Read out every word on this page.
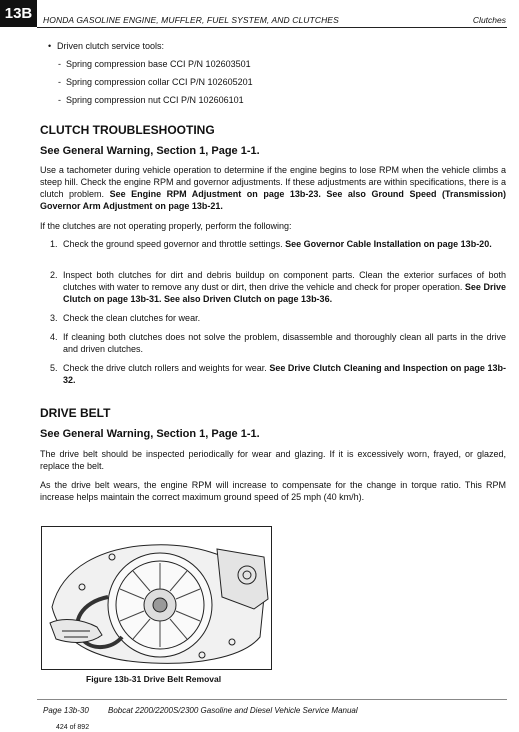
13B	HONDA GASOLINE ENGINE, MUFFLER, FUEL SYSTEM, AND CLUTCHES	Clutches
• Driven clutch service tools:
- Spring compression base CCI P/N 102603501
- Spring compression collar CCI P/N 102605201
- Spring compression nut CCI P/N 102606101
CLUTCH TROUBLESHOOTING
See General Warning, Section 1, Page 1-1.
Use a tachometer during vehicle operation to determine if the engine begins to lose RPM when the vehicle climbs a steep hill. Check the engine RPM and governor adjustments. If these adjustments are within specifications, there is a clutch problem. See Engine RPM Adjustment on page 13b-23. See also Ground Speed (Transmission) Governor Arm Adjustment on page 13b-21.
If the clutches are not operating properly, perform the following:
1. Check the ground speed governor and throttle settings. See Governor Cable Installation on page 13b-20.
2. Inspect both clutches for dirt and debris buildup on component parts. Clean the exterior surfaces of both clutches with water to remove any dust or dirt, then drive the vehicle and check for proper operation. See Drive Clutch on page 13b-31. See also Driven Clutch on page 13b-36.
3. Check the clean clutches for wear.
4. If cleaning both clutches does not solve the problem, disassemble and thoroughly clean all parts in the drive and driven clutches.
5. Check the drive clutch rollers and weights for wear. See Drive Clutch Cleaning and Inspection on page 13b-32.
DRIVE BELT
See General Warning, Section 1, Page 1-1.
The drive belt should be inspected periodically for wear and glazing. If it is excessively worn, frayed, or glazed, replace the belt.
As the drive belt wears, the engine RPM will increase to compensate for the change in torque ratio. This RPM increase helps maintain the correct maximum ground speed of 25 mph (40 km/h).
Figure 13b-31 Drive Belt Removal
Page 13b-30 Bobcat 2200/2200S/2300 Gasoline and Diesel Vehicle Service Manual
424 of 892
